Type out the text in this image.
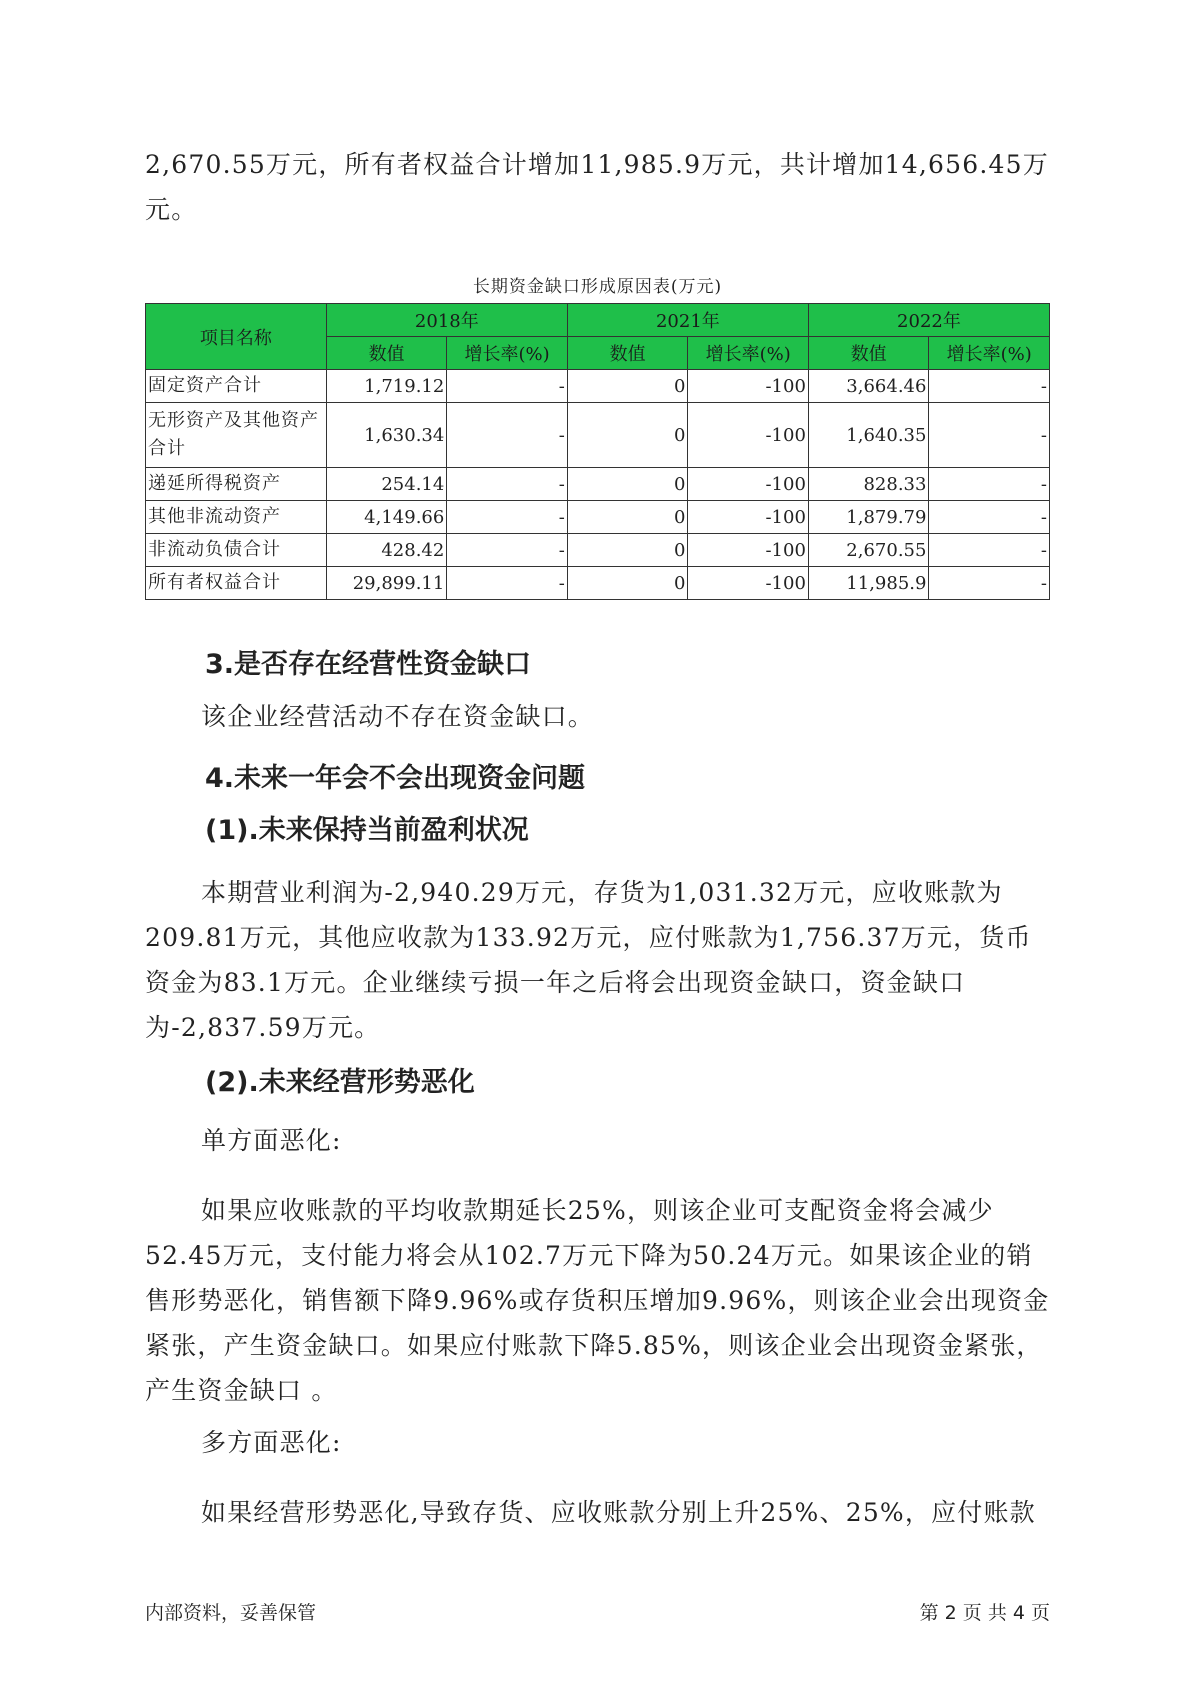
2,670.55万元，所有者权益合计增加11,985.9万元，共计增加14,656.45万元。

长期资金缺口形成原因表(万元)
项目名称	2018年		2021年		2022年	
	数值	增长率(%)	数值	增长率(%)	数值	增长率(%)
固定资产合计	1,719.12	-	0	-100	3,664.46	-
无形资产及其他资产合计	1,630.34	-	0	-100	1,640.35	-
递延所得税资产	254.14	-	0	-100	828.33	-
其他非流动资产	4,149.66	-	0	-100	1,879.79	-
非流动负债合计	428.42	-	0	-100	2,670.55	-
所有者权益合计	29,899.11	-	0	-100	11,985.9	-
3.是否存在经营性资金缺口

该企业经营活动不存在资金缺口。

4.未来一年会不会出现资金问题
(1).未来保持当前盈利状况

本期营业利润为-2,940.29万元，存货为1,031.32万元，应收账款为209.81万元，其他应收款为133.92万元，应付账款为1,756.37万元，货币资金为83.1万元。企业继续亏损一年之后将会出现资金缺口，资金缺口为-2,837.59万元。

(2).未来经营形势恶化

单方面恶化:

如果应收账款的平均收款期延长25%，则该企业可支配资金将会减少52.45万元，支付能力将会从102.7万元下降为50.24万元。如果该企业的销售形势恶化，销售额下降9.96%或存货积压增加9.96%，则该企业会出现资金紧张，产生资金缺口。如果应付账款下降5.85%，则该企业会出现资金紧张，产生资金缺口 。

多方面恶化:

如果经营形势恶化,导致存货、应收账款分别上升25%、25%，应付账款

内部资料，妥善保管	第 2 页 共 4 页
